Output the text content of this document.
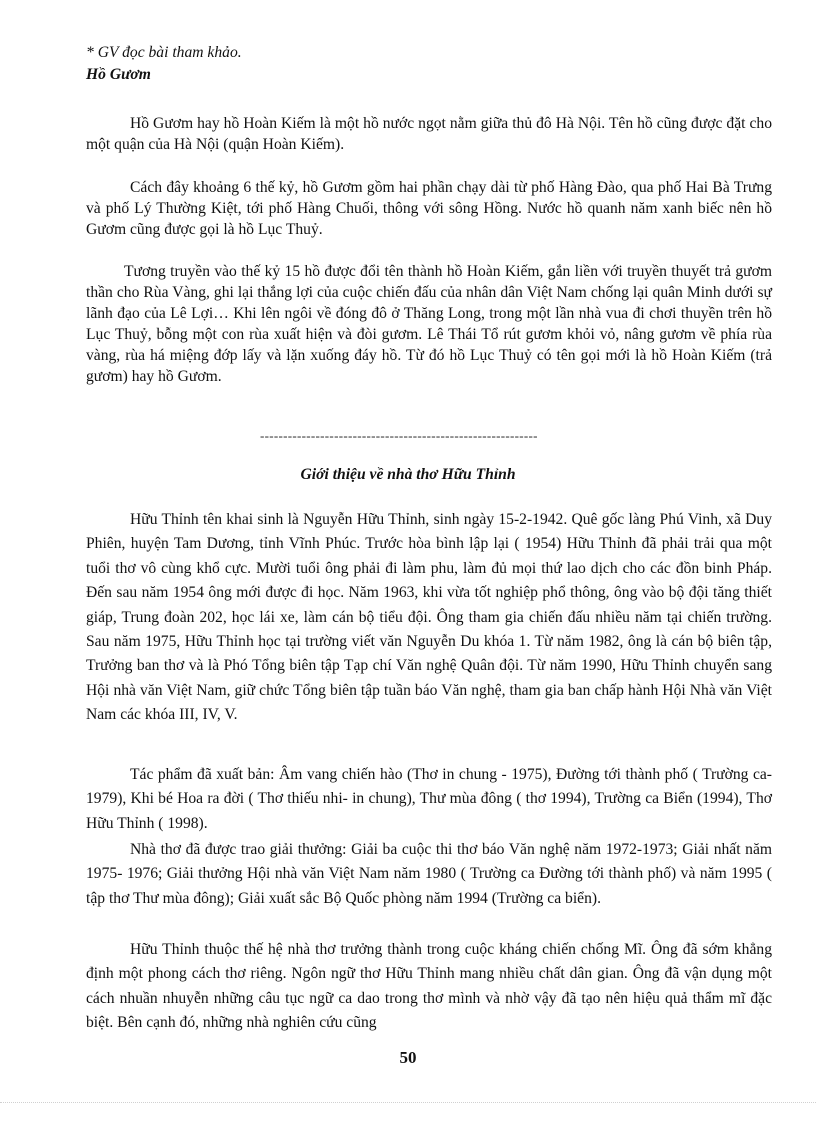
* GV đọc bài tham khảo.

Hồ Gươm

Hồ Gươm hay hồ Hoàn Kiếm là một hồ nước ngọt nằm giữa thủ đô Hà Nội. Tên hồ cũng được đặt cho một quận của Hà Nội (quận Hoàn Kiếm).

Cách đây khoảng 6 thế kỷ, hồ Gươm gồm hai phần chạy dài từ phố Hàng Đào, qua phố Hai Bà Trưng và phố Lý Thường Kiệt, tới phố Hàng Chuối, thông với sông Hồng. Nước hồ quanh năm xanh biếc nên hồ Gươm cũng được gọi là hồ Lục Thuỷ.

Tương truyền vào thế kỷ 15 hồ được đổi tên thành hồ Hoàn Kiếm, gắn liền với truyền thuyết trả gươm thần cho Rùa Vàng, ghi lại thắng lợi của cuộc chiến đấu của nhân dân Việt Nam chống lại quân Minh dưới sự lãnh đạo của Lê Lợi… Khi lên ngôi về đóng đô ở Thăng Long, trong một lần nhà vua đi chơi thuyền trên hồ Lục Thuỷ, bỗng một con rùa xuất hiện và đòi gươm. Lê Thái Tổ rút gươm khỏi vỏ, nâng gươm về phía rùa vàng, rùa há miệng đớp lấy và lặn xuống đáy hồ. Từ đó hồ Lục Thuỷ có tên gọi mới là hồ Hoàn Kiếm (trả gươm) hay hồ Gươm.

------------------------------------------------------------
Giới thiệu về nhà thơ Hữu Thỉnh

Hữu Thỉnh tên khai sinh là Nguyễn Hữu Thỉnh, sinh ngày 15-2-1942. Quê gốc làng Phú Vinh, xã Duy Phiên, huyện Tam Dương, tỉnh Vĩnh Phúc. Trước hòa bình lập lại ( 1954) Hữu Thỉnh đã phải trải qua một tuổi thơ vô cùng khổ cực. Mười tuổi ông phải đi làm phu, làm đủ mọi thứ lao dịch cho các đồn binh Pháp. Đến sau năm 1954 ông mới được đi học. Năm 1963, khi vừa tốt nghiệp phổ thông, ông vào bộ đội tăng thiết giáp, Trung đoàn 202, học lái xe, làm cán bộ tiểu đội. Ông tham gia chiến đấu nhiều năm tại chiến trường. Sau năm 1975, Hữu Thỉnh học tại trường viết văn Nguyễn Du khóa 1. Từ năm 1982, ông là cán bộ biên tập, Trưởng ban thơ và là Phó Tổng biên tập Tạp chí Văn nghệ Quân đội. Từ năm 1990, Hữu Thỉnh chuyển sang Hội nhà văn Việt Nam, giữ chức Tổng biên tập tuần báo Văn nghệ, tham gia ban chấp hành Hội Nhà văn Việt Nam các khóa III, IV, V.

Tác phẩm đã xuất bản: Âm vang chiến hào (Thơ in chung - 1975), Đường tới thành phố ( Trường ca- 1979), Khi bé Hoa ra đời ( Thơ thiếu nhi- in chung), Thư mùa đông ( thơ 1994), Trường ca Biển (1994), Thơ Hữu Thỉnh ( 1998).

Nhà thơ đã được trao giải thưởng: Giải ba cuộc thi thơ báo Văn nghệ năm 1972-1973; Giải nhất năm 1975- 1976; Giải thưởng Hội nhà văn Việt Nam năm 1980 ( Trường ca Đường tới thành phố) và năm 1995 ( tập thơ Thư mùa đông); Giải xuất sắc Bộ Quốc phòng năm 1994 (Trường ca biển).

Hữu Thỉnh thuộc thế hệ nhà thơ trưởng thành trong cuộc kháng chiến chống Mĩ. Ông đã sớm khẳng định một phong cách thơ riêng. Ngôn ngữ thơ Hữu Thỉnh mang nhiều chất dân gian. Ông đã vận dụng một cách nhuần nhuyễn những câu tục ngữ ca dao trong thơ mình và nhờ vậy đã tạo nên hiệu quả thẩm mĩ đặc biệt. Bên cạnh đó, những nhà nghiên cứu cũng

50
